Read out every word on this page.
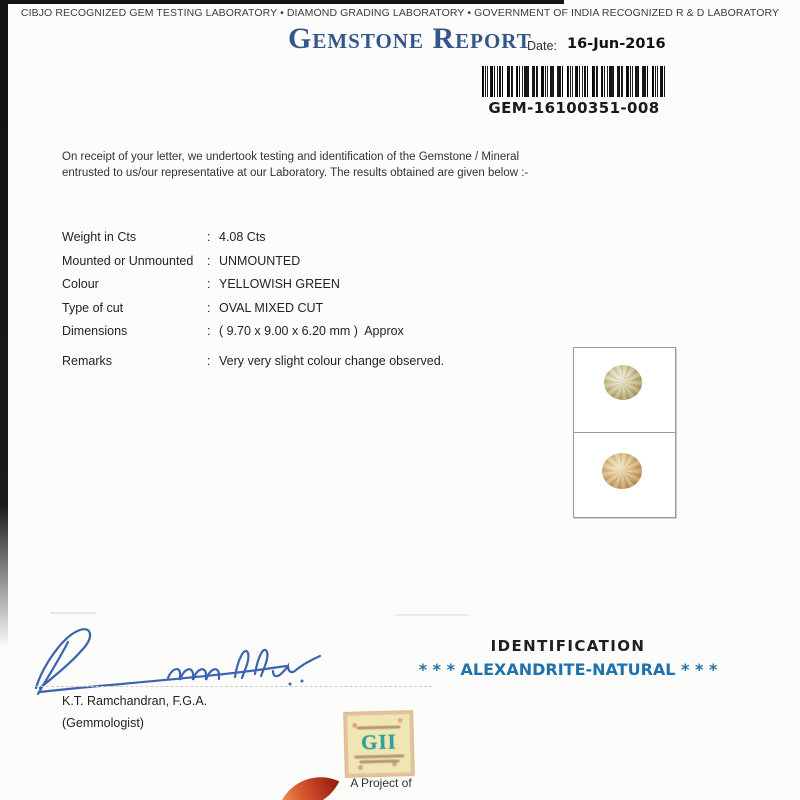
CIBJO RECOGNIZED GEM TESTING LABORATORY • DIAMOND GRADING LABORATORY • GOVERNMENT OF INDIA RECOGNIZED R & D LABORATORY
Gemstone Report
Date: 16-Jun-2016
GEM-16100351-008
On receipt of your letter, we undertook testing and identification of the Gemstone / Mineral
entrusted to us/our representative at our Laboratory. The results obtained are given below :-
Weight in Cts	: 4.08 Cts
Mounted or Unmounted	: UNMOUNTED
Colour	: YELLOWISH GREEN
Type of cut	: OVAL MIXED CUT
Dimensions	: ( 9.70 x 9.00 x 6.20 mm )  Approx
Remarks	: Very very slight colour change observed.
K.T. Ramchandran, F.G.A.
(Gemmologist)
IDENTIFICATION
* * * ALEXANDRITE-NATURAL * * *
GII
A Project of
